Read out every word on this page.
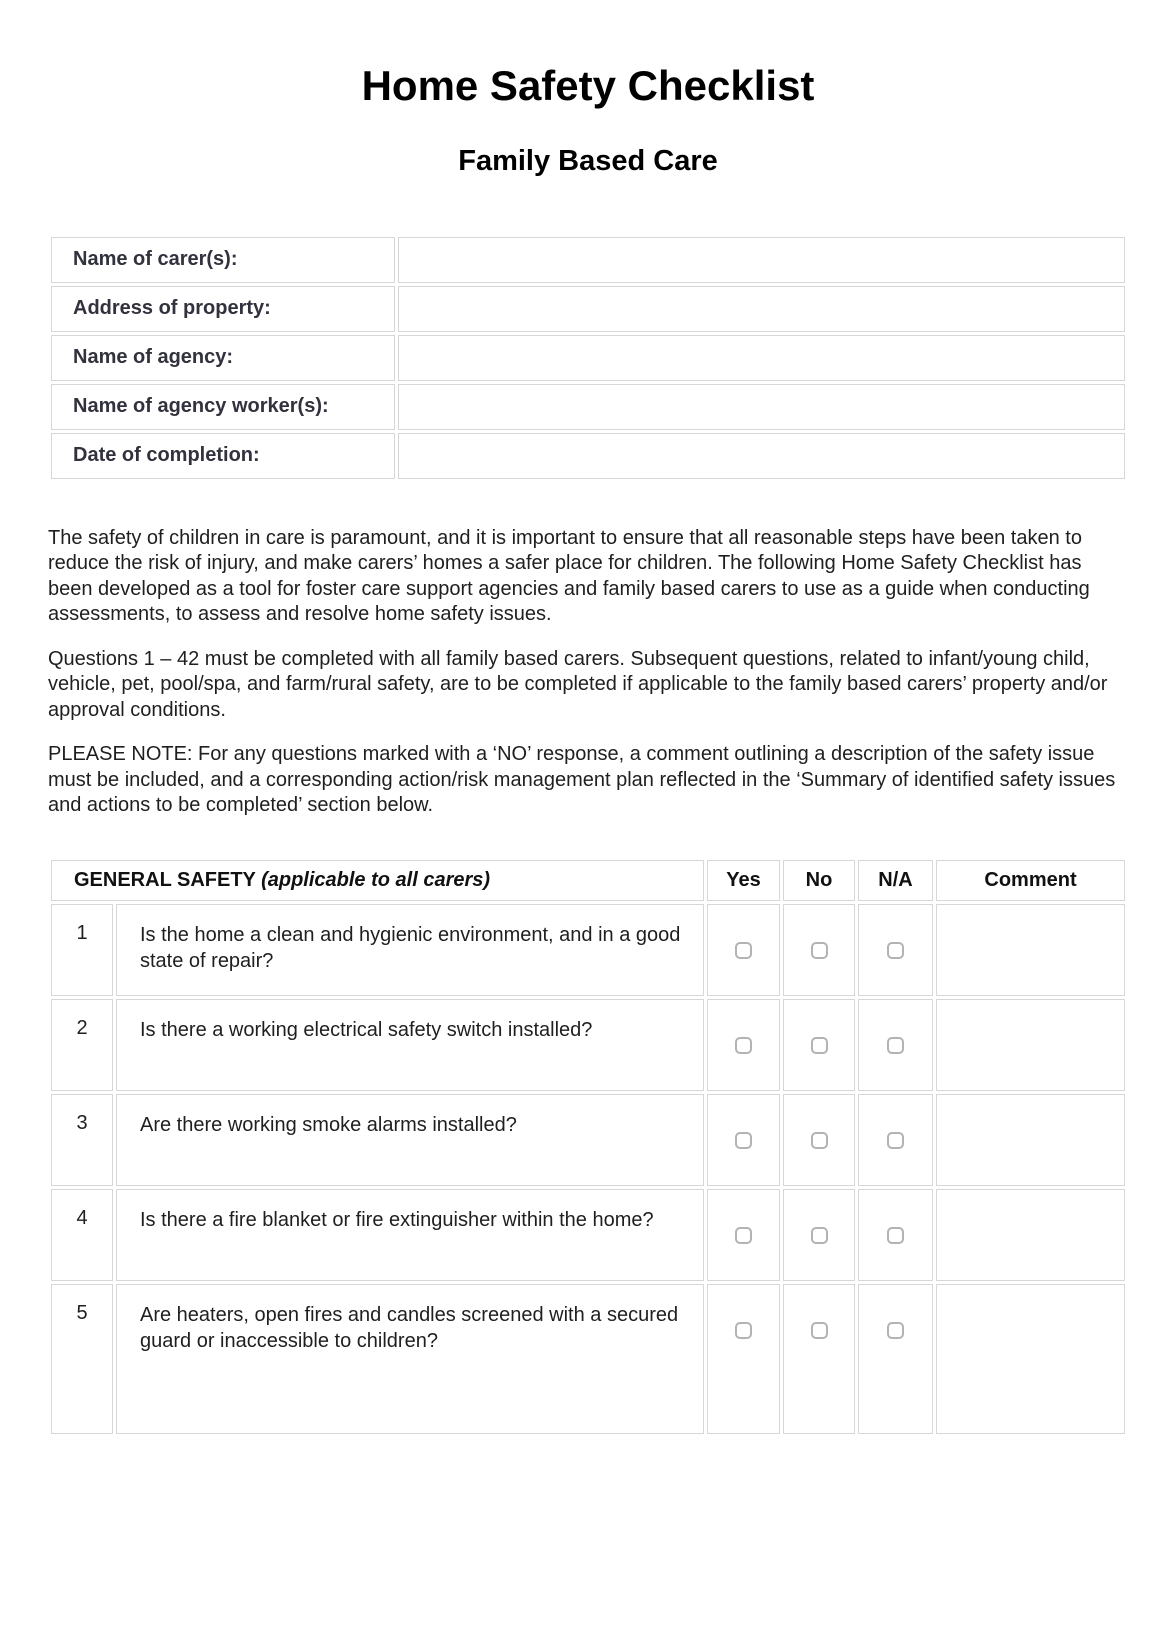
Home Safety Checklist
Family Based Care
Name of carer(s):	
Address of property:	
Name of agency:	
Name of agency worker(s):	
Date of completion:	

The safety of children in care is paramount, and it is important to ensure that all reasonable steps have been taken to reduce the risk of injury, and make carers’ homes a safer place for children. The following Home Safety Checklist has been developed as a tool for foster care support agencies and family based carers to use as a guide when conducting assessments, to assess and resolve home safety issues.

Questions 1 – 42 must be completed with all family based carers. Subsequent questions, related to infant/young child, vehicle, pet, pool/spa, and farm/rural safety, are to be completed if applicable to the family based carers’ property and/or approval conditions.

PLEASE NOTE: For any questions marked with a ‘NO’ response, a comment outlining a description of the safety issue must be included, and a corresponding action/risk management plan reflected in the ‘Summary of identified safety issues and actions to be completed’ section below.

GENERAL SAFETY (applicable to all carers)		Yes	No	N/A	Comment
1	Is the home a clean and hygienic environment, and in a good state of repair?				
2	Is there a working electrical safety switch installed?				
3	Are there working smoke alarms installed?				
4	Is there a fire blanket or fire extinguisher within the home?				
5	Are heaters, open fires and candles screened with a secured guard or inaccessible to children?				
